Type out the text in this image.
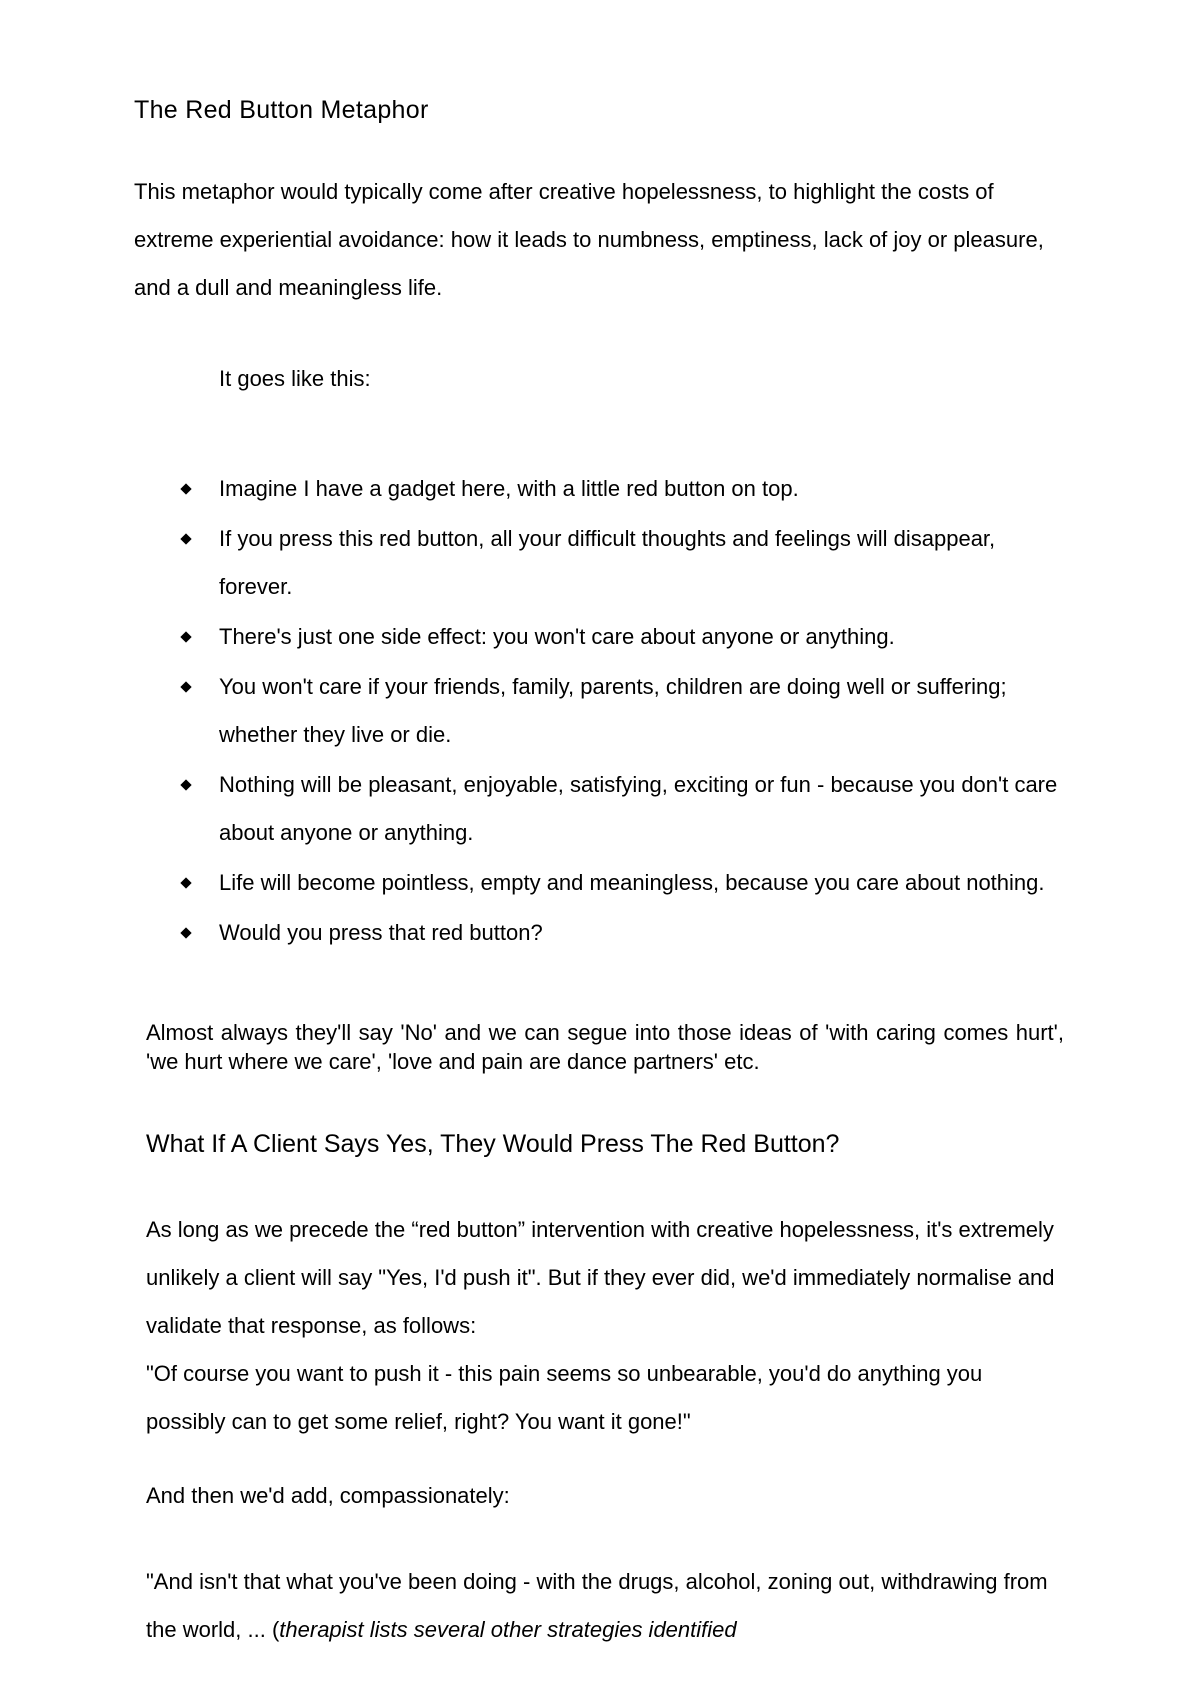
The Red Button Metaphor

This metaphor would typically come after creative hopelessness, to highlight the costs of extreme experiential avoidance: how it leads to numbness, emptiness, lack of joy or pleasure, and a dull and meaningless life.

It goes like this:
Imagine I have a gadget here, with a little red button on top.
If you press this red button, all your difficult thoughts and feelings will disappear, forever.
There's just one side effect: you won't care about anyone or anything.
You won't care if your friends, family, parents, children are doing well or suffering; whether they live or die.
Nothing will be pleasant, enjoyable, satisfying, exciting or fun - because you don't care about anyone or anything.
Life will become pointless, empty and meaningless, because you care about nothing.
Would you press that red button?

Almost always they'll say 'No' and we can segue into those ideas of 'with caring comes hurt', 'we hurt where we care', 'love and pain are dance partners' etc.

What If A Client Says Yes, They Would Press The Red Button?
As long as we precede the “red button” intervention with creative hopelessness, it's extremely unlikely a client will say "Yes, I'd push it". But if they ever did, we'd immediately normalise and validate that response, as follows:
"Of course you want to push it - this pain seems so unbearable, you'd do anything you possibly can to get some relief, right? You want it gone!"
And then we'd add, compassionately:

"And isn't that what you've been doing - with the drugs, alcohol, zoning out, withdrawing from the world, ... (therapist lists several other strategies identified
